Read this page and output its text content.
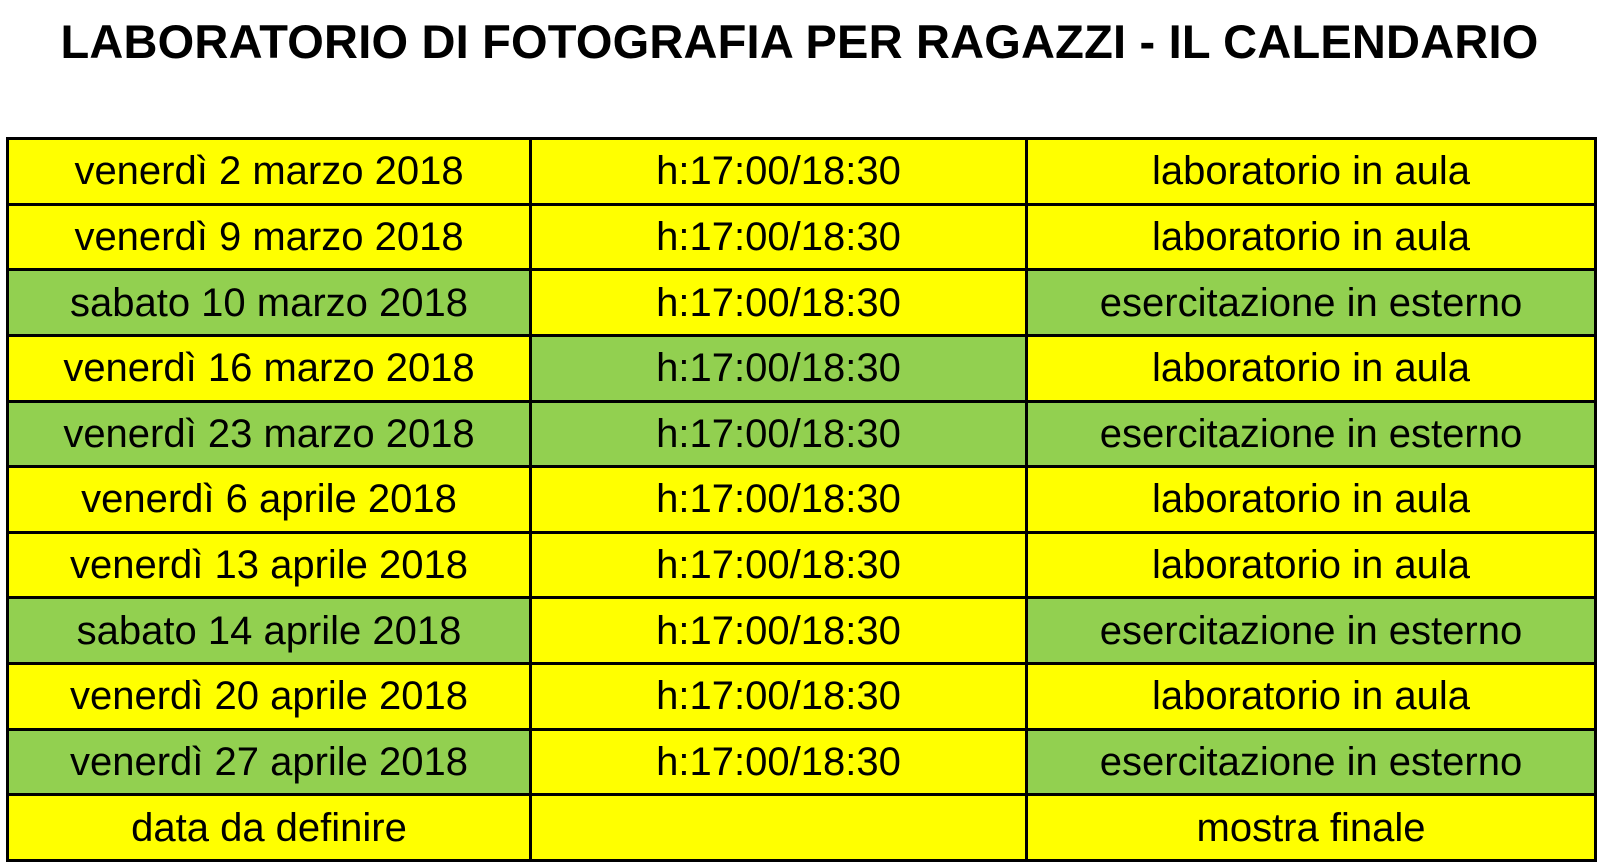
LABORATORIO DI FOTOGRAFIA PER RAGAZZI - IL CALENDARIO
venerdì 2 marzo 2018	h:17:00/18:30	laboratorio in aula
venerdì 9 marzo 2018	h:17:00/18:30	laboratorio in aula
sabato 10 marzo 2018	h:17:00/18:30	esercitazione in esterno
venerdì 16 marzo 2018	h:17:00/18:30	laboratorio in aula
venerdì 23 marzo 2018	h:17:00/18:30	esercitazione in esterno
venerdì 6 aprile 2018	h:17:00/18:30	laboratorio in aula
venerdì 13 aprile 2018	h:17:00/18:30	laboratorio in aula
sabato 14 aprile 2018	h:17:00/18:30	esercitazione in esterno
venerdì 20 aprile 2018	h:17:00/18:30	laboratorio in aula
venerdì 27 aprile 2018	h:17:00/18:30	esercitazione in esterno
data da definire		mostra finale
